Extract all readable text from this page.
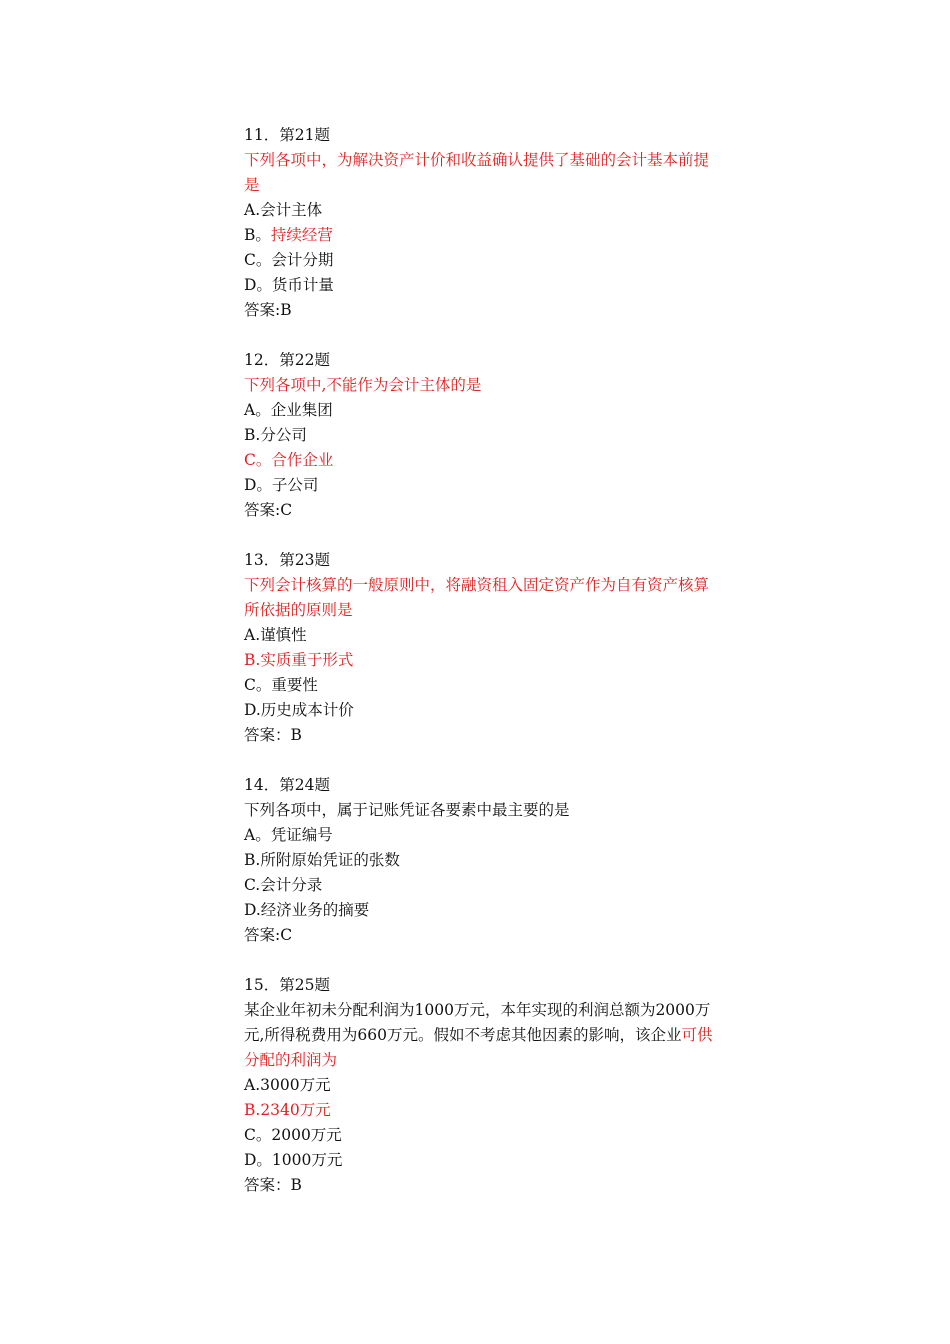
11．第21题
下列各项中，为解决资产计价和收益确认提供了基础的会计基本前提是
A.会计主体
B。持续经营
C。会计分期
D。货币计量
答案:B
12．第22题
下列各项中,不能作为会计主体的是
A。企业集团
B.分公司
C。合作企业
D。子公司
答案:C
13．第23题
下列会计核算的一般原则中，将融资租入固定资产作为自有资产核算所依据的原则是
A.谨慎性
B.实质重于形式
C。重要性
D.历史成本计价
答案：B
14．第24题
下列各项中，属于记账凭证各要素中最主要的是
A。凭证编号
B.所附原始凭证的张数
C.会计分录
D.经济业务的摘要
答案:C
15．第25题
某企业年初未分配利润为1000万元，本年实现的利润总额为2000万元,所得税费用为660万元。假如不考虑其他因素的影响，该企业可供分配的利润为
A.3000万元
B.2340万元
C。2000万元
D。1000万元
答案：B
